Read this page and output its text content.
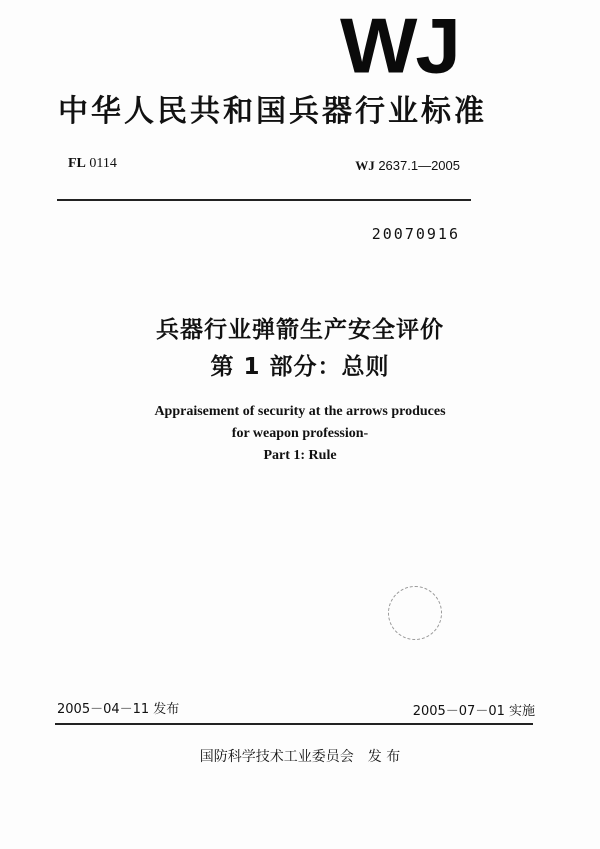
WJ
中华人民共和国兵器行业标准
FL 0114	WJ 2637.1—2005
20070916
兵器行业弹箭生产安全评价
第 1 部分：总则
Appraisement of security at the arrows produces
for weapon profession-
Part 1: Rule
2005－04－11 发布	2005－07－01 实施
国防科学技术工业委员会　发 布
